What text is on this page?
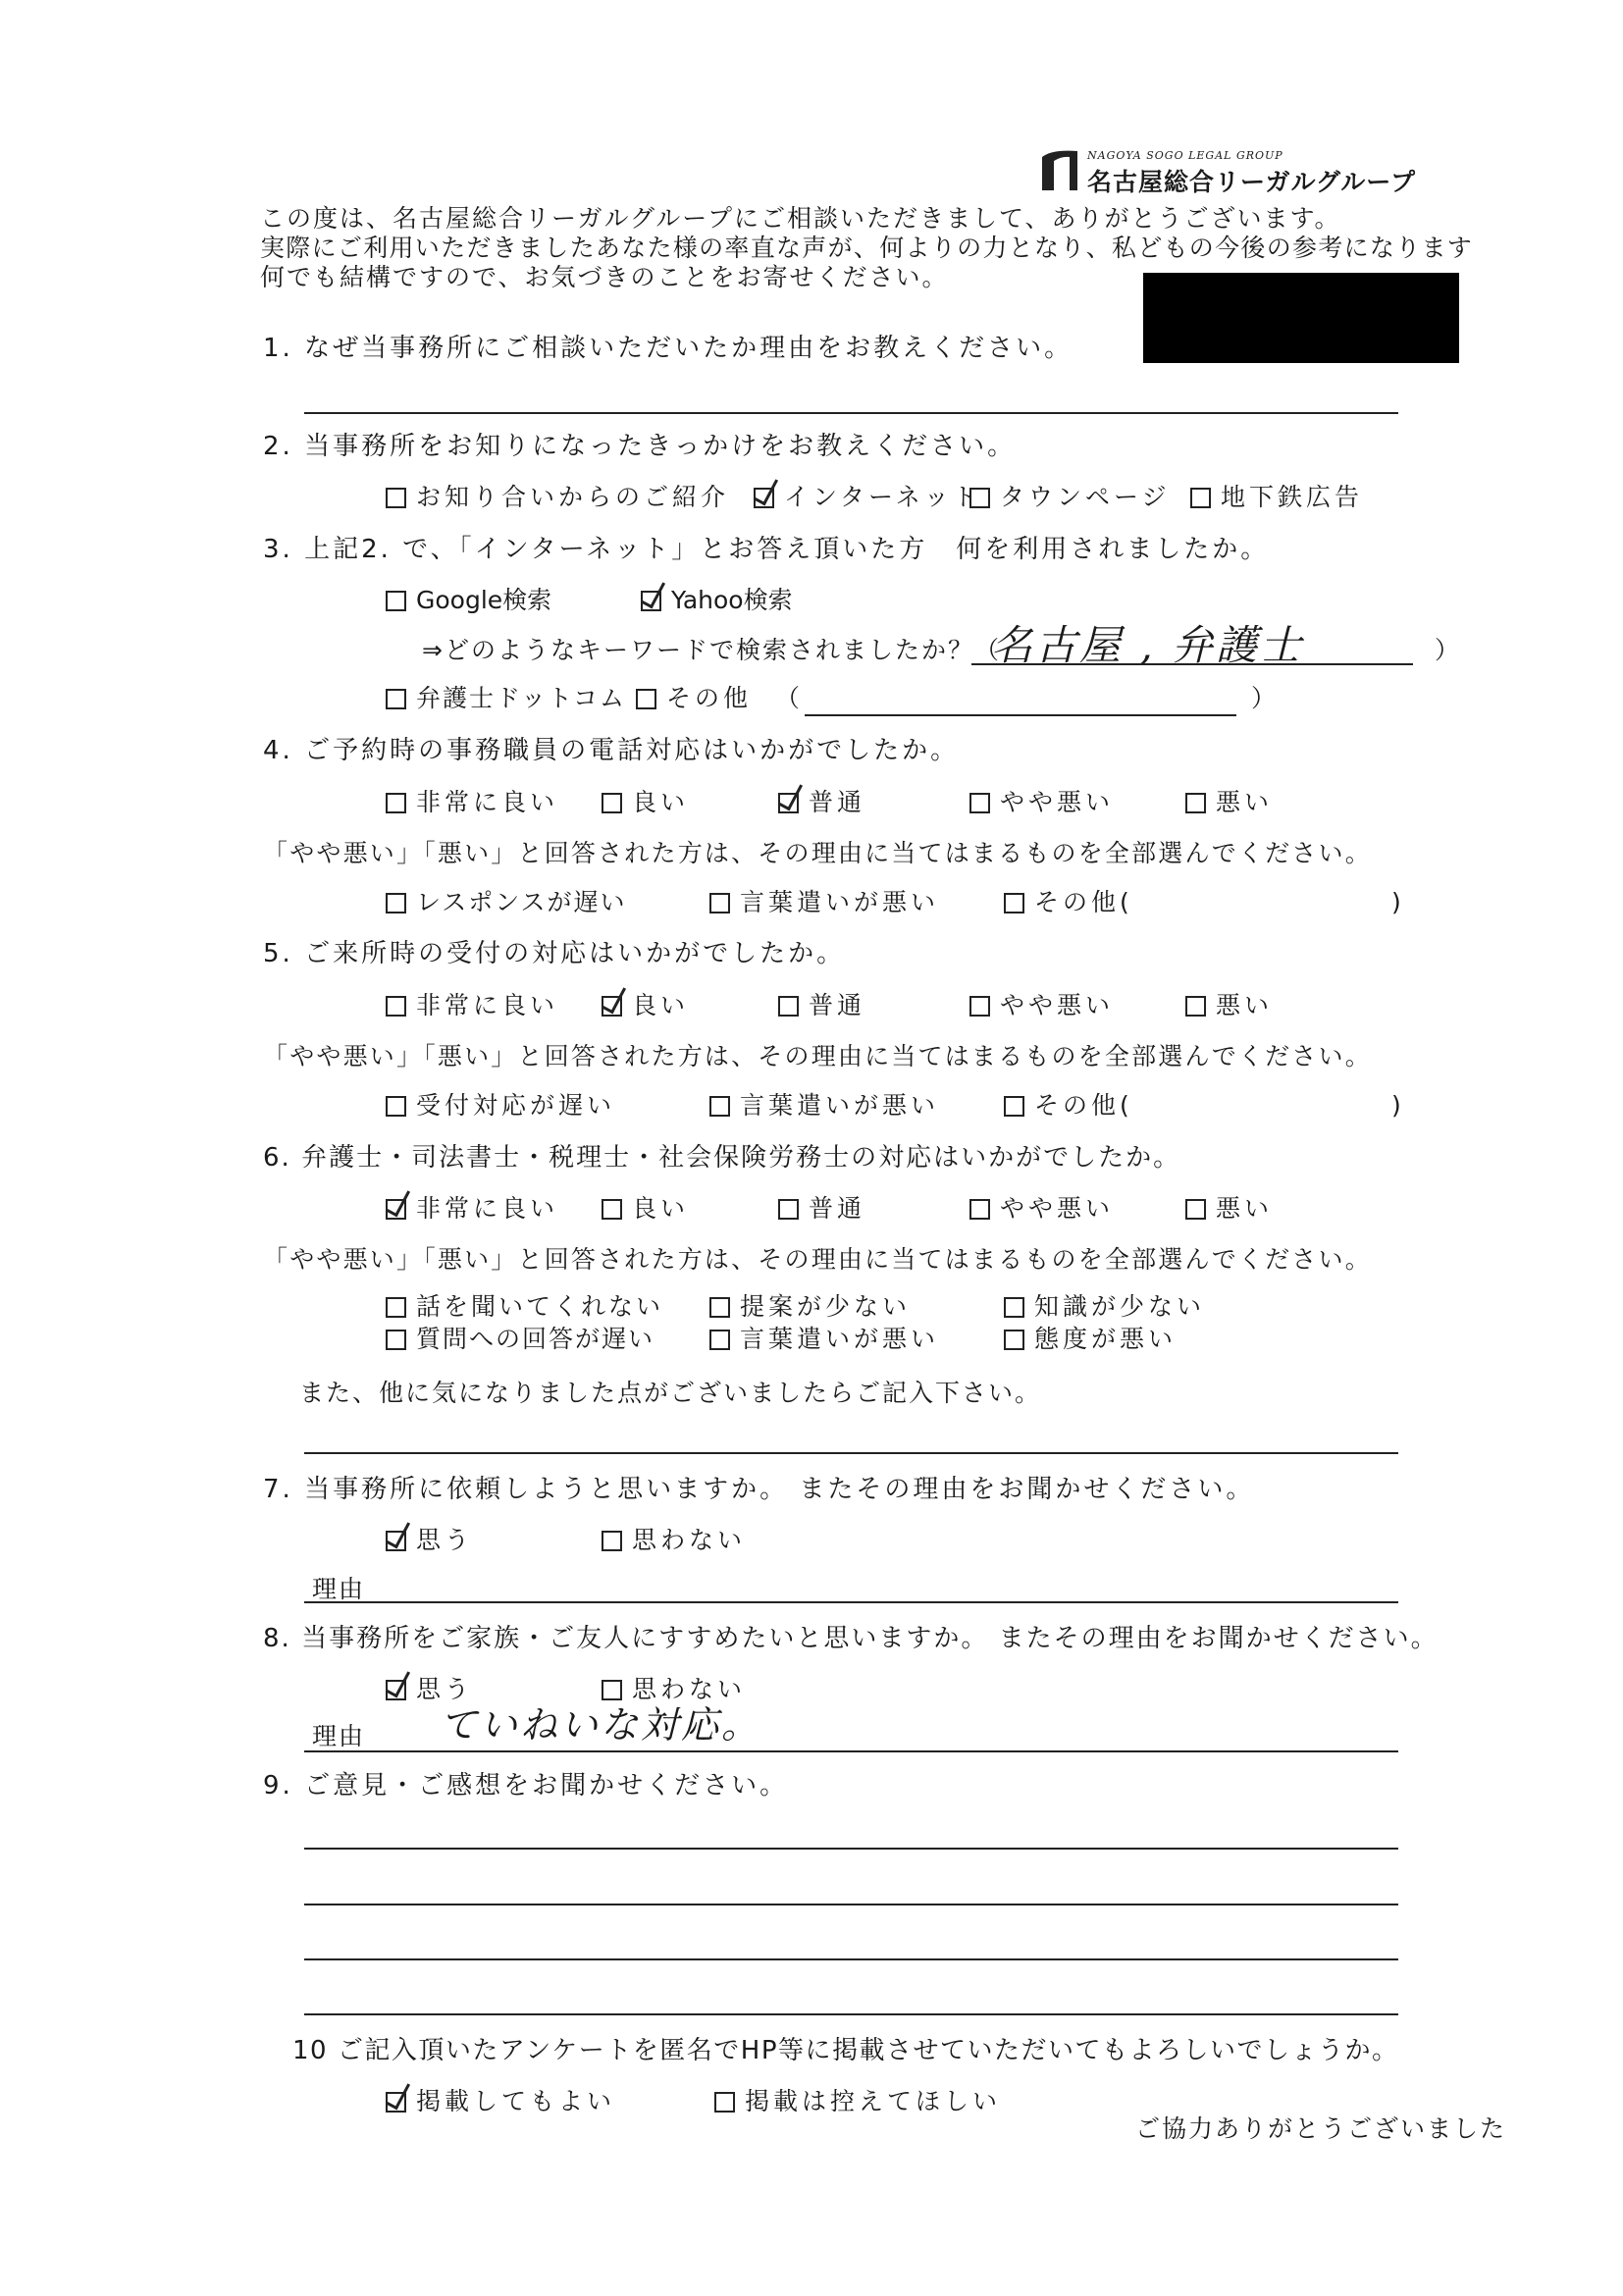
NAGOYA SOGO LEGAL GROUP
名古屋総合リーガルグループ
この度は、名古屋総合リーガルグループにご相談いただきまして、ありがとうございます。
実際にご利用いただきましたあなた様の率直な声が、何よりの力となり、私どもの今後の参考になります
何でも結構ですので、お気づきのことをお寄せください。
1. なぜ当事務所にご相談いただいたか理由をお教えください。
2. 当事務所をお知りになったきっかけをお教えください。
お知り合いからのご紹介 インターネット タウンページ 地下鉄広告
3. 上記2. で、「インターネット」とお答え頂いた方　何を利用されましたか。
Google検索	Yahoo検索
⇒どのようなキーワードで検索されましたか？（
名古屋 , 弁護士	）
弁護士ドットコム その他 （	）
4. ご予約時の事務職員の電話対応はいかがでしたか。
非常に良い	良い	普通	やや悪い	悪い
「やや悪い」「悪い」と回答された方は、その理由に当てはまるものを全部選んでください。
レスポンスが遅い	言葉遣いが悪い	その他(	)
5. ご来所時の受付の対応はいかがでしたか。
非常に良い	良い	普通	やや悪い	悪い
「やや悪い」「悪い」と回答された方は、その理由に当てはまるものを全部選んでください。
受付対応が遅い	言葉遣いが悪い	その他(	)
6. 弁護士・司法書士・税理士・社会保険労務士の対応はいかがでしたか。
非常に良い	良い	普通	やや悪い	悪い
「やや悪い」「悪い」と回答された方は、その理由に当てはまるものを全部選んでください。
話を聞いてくれない	提案が少ない	知識が少ない
質問への回答が遅い	言葉遣いが悪い	態度が悪い
また、他に気になりました点がございましたらご記入下さい。
7. 当事務所に依頼しようと思いますか。 またその理由をお聞かせください。
思う	思わない
理由
8. 当事務所をご家族・ご友人にすすめたいと思いますか。 またその理由をお聞かせください。
思う	思わない
理由 ていねいな対応。
9. ご意見・ご感想をお聞かせください。
10 ご記入頂いたアンケートを匿名でHP等に掲載させていただいてもよろしいでしょうか。
掲載してもよい	掲載は控えてほしい
ご協力ありがとうございました
